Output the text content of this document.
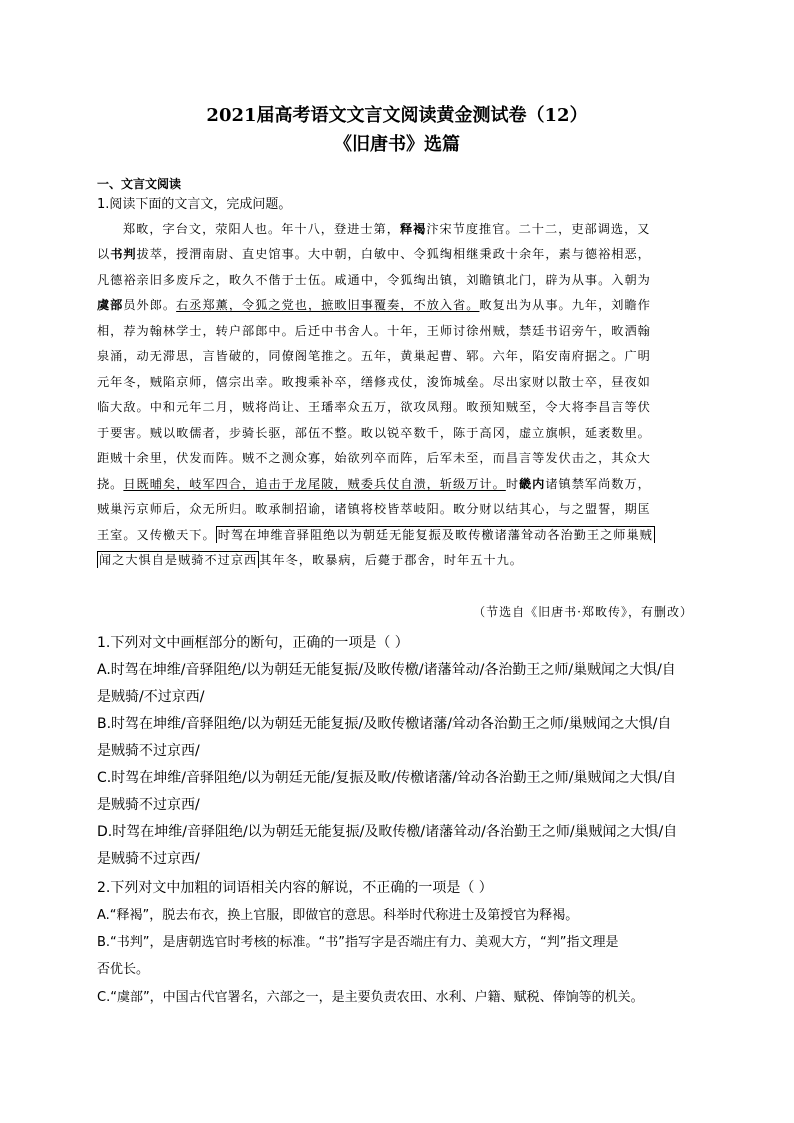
2021届高考语文文言文阅读黄金测试卷（12）
《旧唐书》选篇
一、文言文阅读
1.阅读下面的文言文，完成问题。
郑畋，字台文，荥阳人也。年十八，登进士第，释褐汴宋节度推官。二十二，吏部调选，又
以书判拔萃，授渭南尉、直史馆事。大中朝，白敏中、令狐绹相继秉政十余年，素与德裕相恶，
凡德裕亲旧多废斥之，畋久不偕于士伍。咸通中，令狐绹出镇，刘瞻镇北门，辟为从事。入朝为
虞部员外郎。右丞郑薰，令狐之党也，摭畋旧事覆奏，不放入省。畋复出为从事。九年，刘瞻作
相，荐为翰林学士，转户部郎中。后迁中书舍人。十年，王师讨徐州贼，禁廷书诏旁午，畋洒翰
泉涌，动无滞思，言皆破的，同僚阁笔推之。五年，黄巢起曹、郓。六年，陷安南府据之。广明
元年冬，贼陷京师，僖宗出幸。畋搜乘补卒，缮修戎仗，浚饰城垒。尽出家财以散士卒，昼夜如
临大敌。中和元年二月，贼将尚让、王璠率众五万，欲攻凤翔。畋预知贼至，令大将李昌言等伏
于要害。贼以畋儒者，步骑长驱，部伍不整。畋以锐卒数千，陈于高冈，虚立旗帜，延袤数里。
距贼十余里，伏发而阵。贼不之测众寡，始欲列卒而阵，后军未至，而昌言等发伏击之，其众大
挠。日既晡矣，岐军四合，追击于龙尾陂，贼委兵仗自溃，斩级万计。时畿内诸镇禁军尚数万，
贼巢污京师后，众无所归。畋承制招谕，诸镇将校皆萃岐阳。畋分财以结其心，与之盟誓，期匡
王室。又传檄天下。 时驾在坤维音驿阻绝以为朝廷无能复振及畋传檄诸藩耸动各治勤王之师巢贼
闻之大惧自是贼骑不过京西 其年冬，畋暴病，后薨于郡舍，时年五十九。
（节选自《旧唐书·郑畋传》，有删改）
1.下列对文中画框部分的断句，正确的一项是（ ）
A.时驾在坤维/音驿阻绝/以为朝廷无能复振/及畋传檄/诸藩耸动/各治勤王之师/巢贼闻之大惧/自
是贼骑/不过京西/
B.时驾在坤维/音驿阻绝/以为朝廷无能复振/及畋传檄诸藩/耸动各治勤王之师/巢贼闻之大惧/自
是贼骑不过京西/
C.时驾在坤维/音驿阻绝/以为朝廷无能/复振及畋/传檄诸藩/耸动各治勤王之师/巢贼闻之大惧/自
是贼骑不过京西/
D.时驾在坤维/音驿阻绝/以为朝廷无能复振/及畋传檄/诸藩耸动/各治勤王之师/巢贼闻之大惧/自
是贼骑不过京西/
2.下列对文中加粗的词语相关内容的解说，不正确的一项是（ ）
A.“释褐”，脱去布衣，换上官服，即做官的意思。科举时代称进士及第授官为释褐。
B.“书判”，是唐朝选官时考核的标准。“书”指写字是否端庄有力、美观大方，“判”指文理是
否优长。
C.“虞部”，中国古代官署名，六部之一，是主要负责农田、水利、户籍、赋税、俸饷等的机关。
